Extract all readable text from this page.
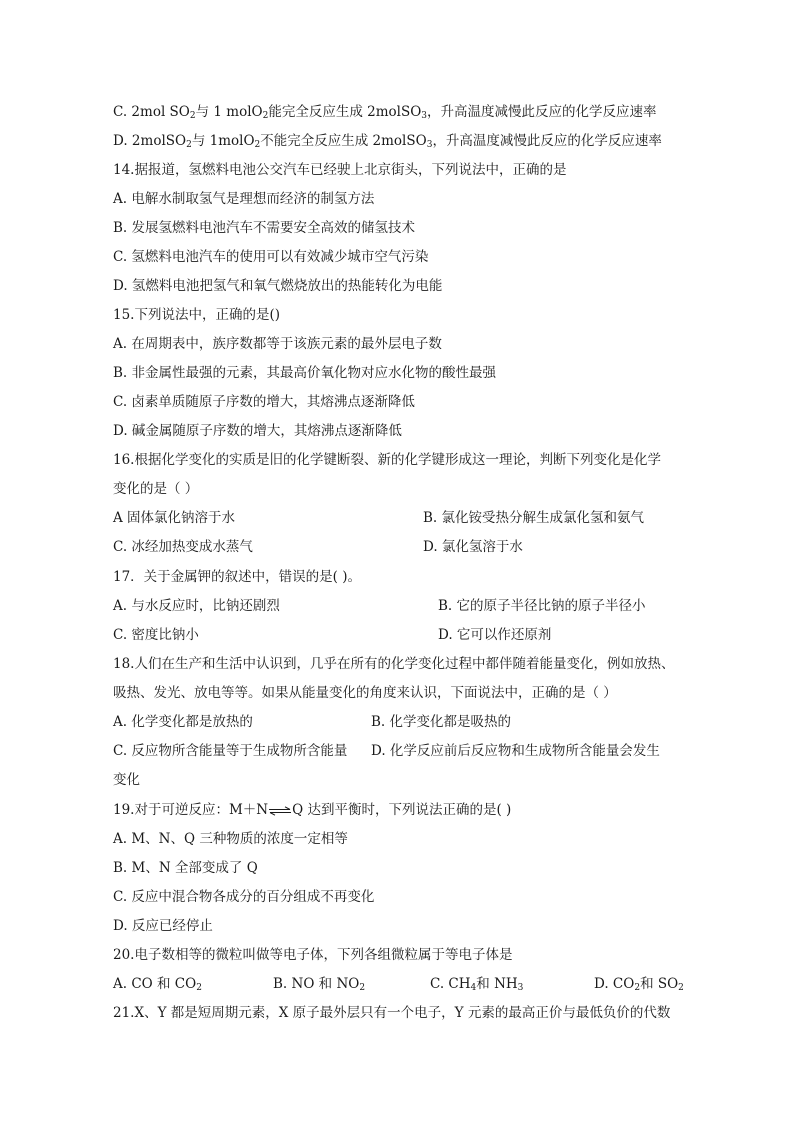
C. 2mol $SO_2$与 1 molO$_2$能完全反应生成 2molSO$_3$，升高温度减慢此反应的化学反应速率
D. 2molSO$_2$与 1molO$_2$不能完全反应生成 2molSO$_3$，升高温度减慢此反应的化学反应速率
14.据报道，氢燃料电池公交汽车已经驶上北京街头，下列说法中，正确的是
A. 电解水制取氢气是理想而经济的制氢方法
B. 发展氢燃料电池汽车不需要安全高效的储氢技术
C. 氢燃料电池汽车的使用可以有效减少城市空气污染
D. 氢燃料电池把氢气和氧气燃烧放出的热能转化为电能
15.下列说法中，正确的是()
A. 在周期表中，族序数都等于该族元素的最外层电子数
B. 非金属性最强的元素，其最高价氧化物对应水化物的酸性最强
C. 卤素单质随原子序数的增大，其熔沸点逐渐降低
D. 碱金属随原子序数的增大，其熔沸点逐渐降低
16.根据化学变化的实质是旧的化学键断裂、新的化学键形成这一理论，判断下列变化是化学
变化的是（ ）
A 固体氯化钠溶于水	B. 氯化铵受热分解生成氯化氢和氨气
C. 冰经加热变成水蒸气	D. 氯化氢溶于水
17．关于金属钾的叙述中，错误的是( )。
A. 与水反应时，比钠还剧烈	B. 它的原子半径比钠的原子半径小
C. 密度比钠小	D. 它可以作还原剂
18.人们在生产和生活中认识到，几乎在所有的化学变化过程中都伴随着能量变化，例如放热、
吸热、发光、放电等等。如果从能量变化的角度来认识，下面说法中，正确的是（ ）
A. 化学变化都是放热的	B. 化学变化都是吸热的
C. 反应物所含能量等于生成物所含能量 D. 化学反应前后反应物和生成物所含能量会发生
变化
19.对于可逆反应：M＋N⇌Q 达到平衡时，下列说法正确的是( )
A. M、N、Q 三种物质的浓度一定相等
B. M、N 全部变成了 Q
C. 反应中混合物各成分的百分组成不再变化
D. 反应已经停止
20.电子数相等的微粒叫做等电子体，下列各组微粒属于等电子体是
A. CO 和 $CO_2$	B. NO 和 $NO_2$	C. $CH_4$和 $NH_3$	D. $CO_2$和 $SO_2$
21.X、Y 都是短周期元素，X 原子最外层只有一个电子，Y 元素的最高正价与最低负价的代数
